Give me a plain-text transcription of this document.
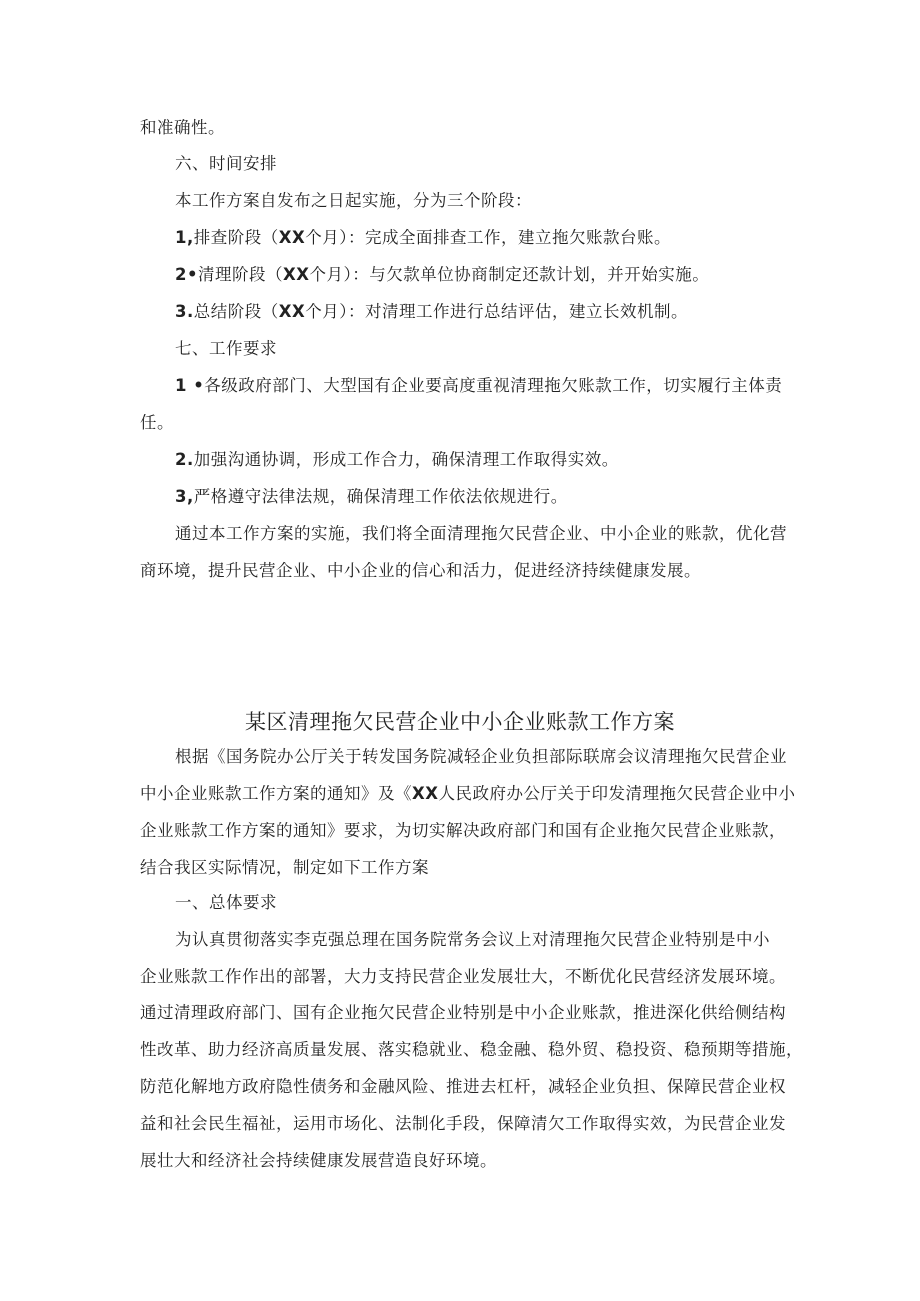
和准确性。

六、时间安排

本工作方案自发布之日起实施，分为三个阶段：

1,排查阶段（XX个月）：完成全面排查工作，建立拖欠账款台账。

2•清理阶段（XX个月）：与欠款单位协商制定还款计划，并开始实施。

3.总结阶段（XX个月）：对清理工作进行总结评估，建立长效机制。

七、工作要求

1 •各级政府部门、大型国有企业要高度重视清理拖欠账款工作，切实履行主体责

任。

2.加强沟通协调，形成工作合力，确保清理工作取得实效。

3,严格遵守法律法规，确保清理工作依法依规进行。

通过本工作方案的实施，我们将全面清理拖欠民营企业、中小企业的账款，优化营

商环境，提升民营企业、中小企业的信心和活力，促进经济持续健康发展。

某区清理拖欠民营企业中小企业账款工作方案

根据《国务院办公厅关于转发国务院减轻企业负担部际联席会议清理拖欠民营企业

中小企业账款工作方案的通知》及《XX人民政府办公厅关于印发清理拖欠民营企业中小

企业账款工作方案的通知》要求，为切实解决政府部门和国有企业拖欠民营企业账款，

结合我区实际情况，制定如下工作方案

一、总体要求

为认真贯彻落实李克强总理在国务院常务会议上对清理拖欠民营企业特别是中小

企业账款工作作出的部署，大力支持民营企业发展壮大，不断优化民营经济发展环境。

通过清理政府部门、国有企业拖欠民营企业特别是中小企业账款，推进深化供给侧结构

性改革、助力经济高质量发展、落实稳就业、稳金融、稳外贸、稳投资、稳预期等措施，

防范化解地方政府隐性债务和金融风险、推进去杠杆，减轻企业负担、保障民营企业权

益和社会民生福祉，运用市场化、法制化手段，保障清欠工作取得实效，为民营企业发

展壮大和经济社会持续健康发展营造良好环境。
